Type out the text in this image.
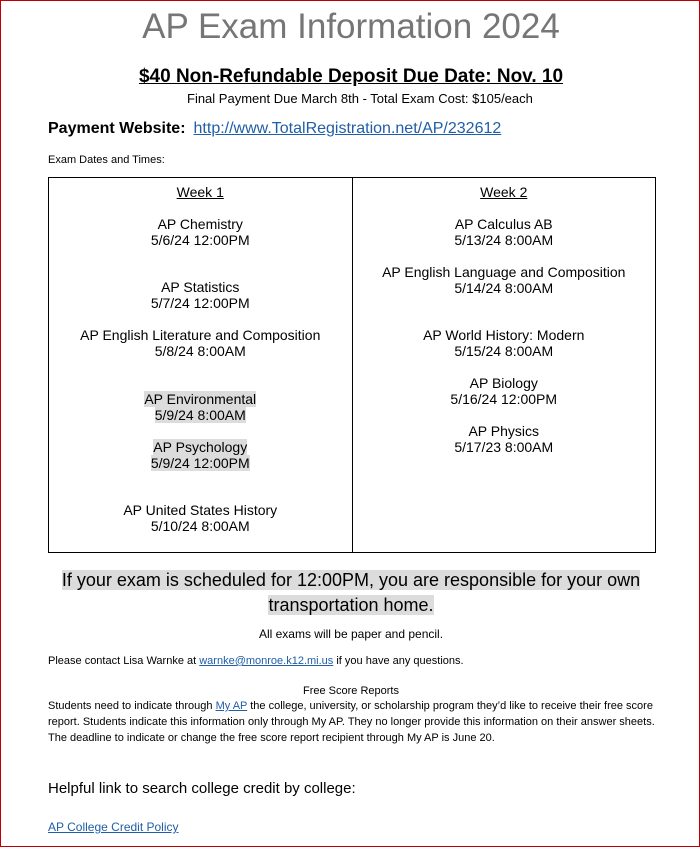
AP Exam Information 2024
$40 Non-Refundable Deposit Due Date: Nov. 10
Final Payment Due March 8th - Total Exam Cost: $105/each
Payment Website: http://www.TotalRegistration.net/AP/232612
Exam Dates and Times:
Week 1
AP Chemistry
5/6/24 12:00PM
AP Statistics
5/7/24 12:00PM
AP English Literature and Composition
5/8/24 8:00AM
AP Environmental
5/9/24 8:00AM
AP Psychology
5/9/24 12:00PM
AP United States History
5/10/24 8:00AM

Week 2
AP Calculus AB
5/13/24 8:00AM
AP English Language and Composition
5/14/24 8:00AM
AP World History: Modern
5/15/24 8:00AM
AP Biology
5/16/24 12:00PM
AP Physics
5/17/23 8:00AM
If your exam is scheduled for 12:00PM, you are responsible for your own transportation home.
All exams will be paper and pencil.
Please contact Lisa Warnke at warnke@monroe.k12.mi.us if you have any questions.
Free Score Reports
Students need to indicate through My AP the college, university, or scholarship program they’d like to receive their free score report. Students indicate this information only through My AP. They no longer provide this information on their answer sheets. The deadline to indicate or change the free score report recipient through My AP is June 20.
Helpful link to search college credit by college:
AP College Credit Policy
